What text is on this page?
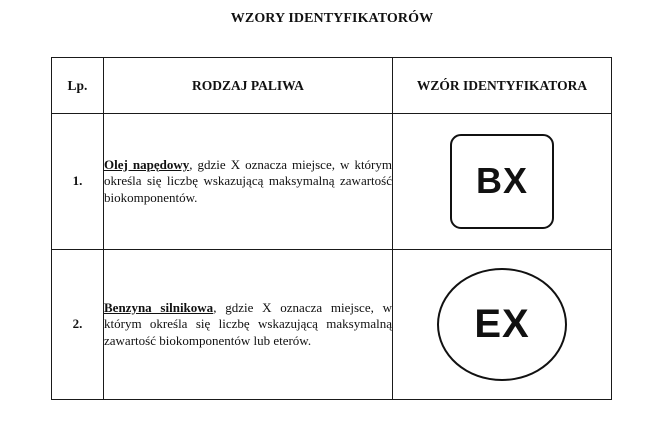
WZORY IDENTYFIKATORÓW
Lp.	RODZAJ PALIWA	WZÓR IDENTYFIKATORA
1.	Olej napędowy, gdzie X oznacza miejsce, w którym określa się liczbę wskazującą maksymalną zawartość biokomponentów.	BX
2.	Benzyna silnikowa, gdzie X oznacza miejsce, w którym określa się liczbę wskazującą maksymalną zawartość biokomponentów lub eterów.	EX
